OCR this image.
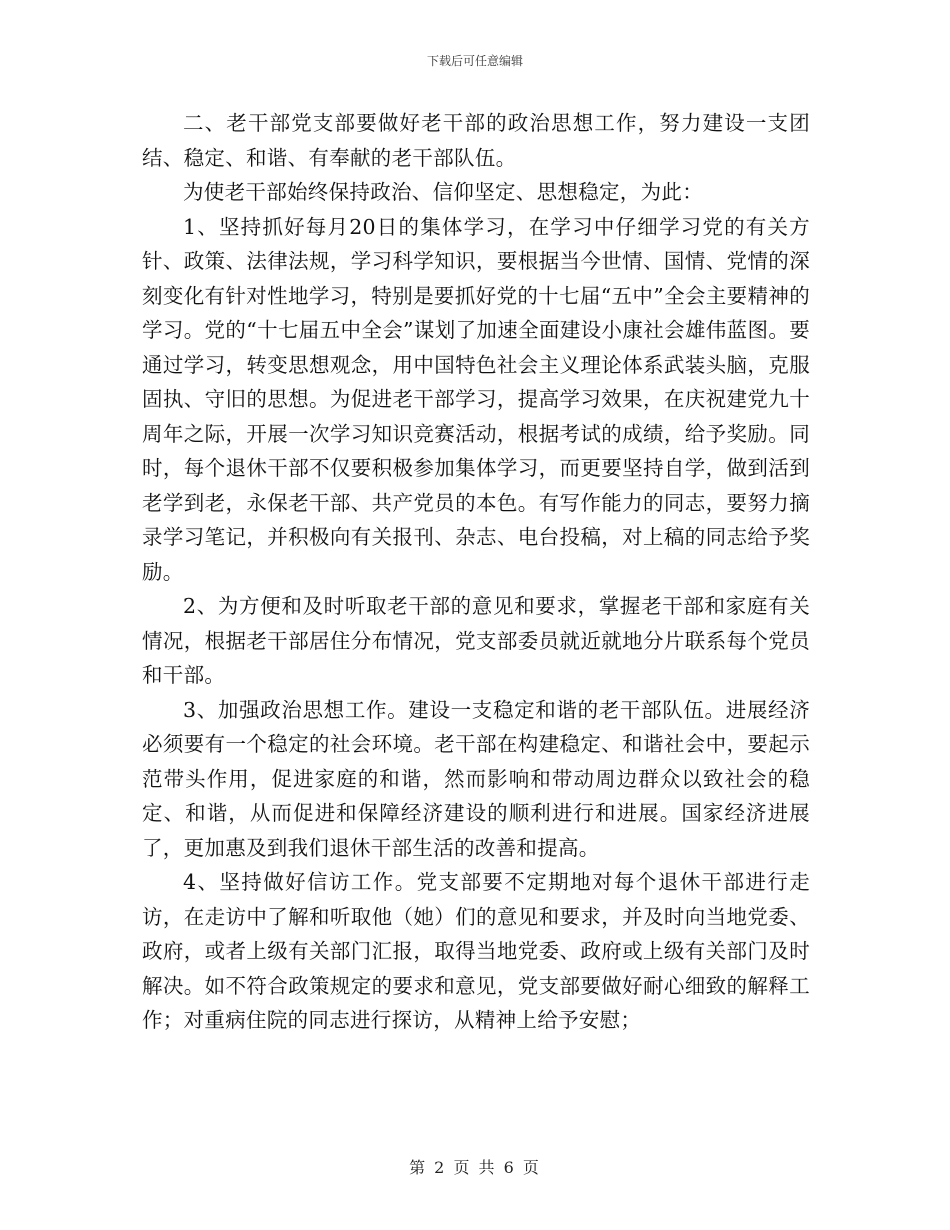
下载后可任意编辑

二、老干部党支部要做好老干部的政治思想工作，努力建设一支团结、稳定、和谐、有奉献的老干部队伍。

为使老干部始终保持政治、信仰坚定、思想稳定，为此：

1、坚持抓好每月20日的集体学习，在学习中仔细学习党的有关方针、政策、法律法规，学习科学知识，要根据当今世情、国情、党情的深刻变化有针对性地学习，特别是要抓好党的十七届“五中”全会主要精神的学习。党的“十七届五中全会”谋划了加速全面建设小康社会雄伟蓝图。要通过学习，转变思想观念，用中国特色社会主义理论体系武装头脑，克服固执、守旧的思想。为促进老干部学习，提高学习效果，在庆祝建党九十周年之际，开展一次学习知识竞赛活动，根据考试的成绩，给予奖励。同时，每个退休干部不仅要积极参加集体学习，而更要坚持自学，做到活到老学到老，永保老干部、共产党员的本色。有写作能力的同志，要努力摘录学习笔记，并积极向有关报刊、杂志、电台投稿，对上稿的同志给予奖励。

2、为方便和及时听取老干部的意见和要求，掌握老干部和家庭有关情况，根据老干部居住分布情况，党支部委员就近就地分片联系每个党员和干部。

3、加强政治思想工作。建设一支稳定和谐的老干部队伍。进展经济必须要有一个稳定的社会环境。老干部在构建稳定、和谐社会中，要起示范带头作用，促进家庭的和谐，然而影响和带动周边群众以致社会的稳定、和谐，从而促进和保障经济建设的顺利进行和进展。国家经济进展了，更加惠及到我们退休干部生活的改善和提高。

4、坚持做好信访工作。党支部要不定期地对每个退休干部进行走访，在走访中了解和听取他（她）们的意见和要求，并及时向当地党委、政府，或者上级有关部门汇报，取得当地党委、政府或上级有关部门及时解决。如不符合政策规定的要求和意见，党支部要做好耐心细致的解释工作；对重病住院的同志进行探访，从精神上给予安慰；

第 2 页 共 6 页
